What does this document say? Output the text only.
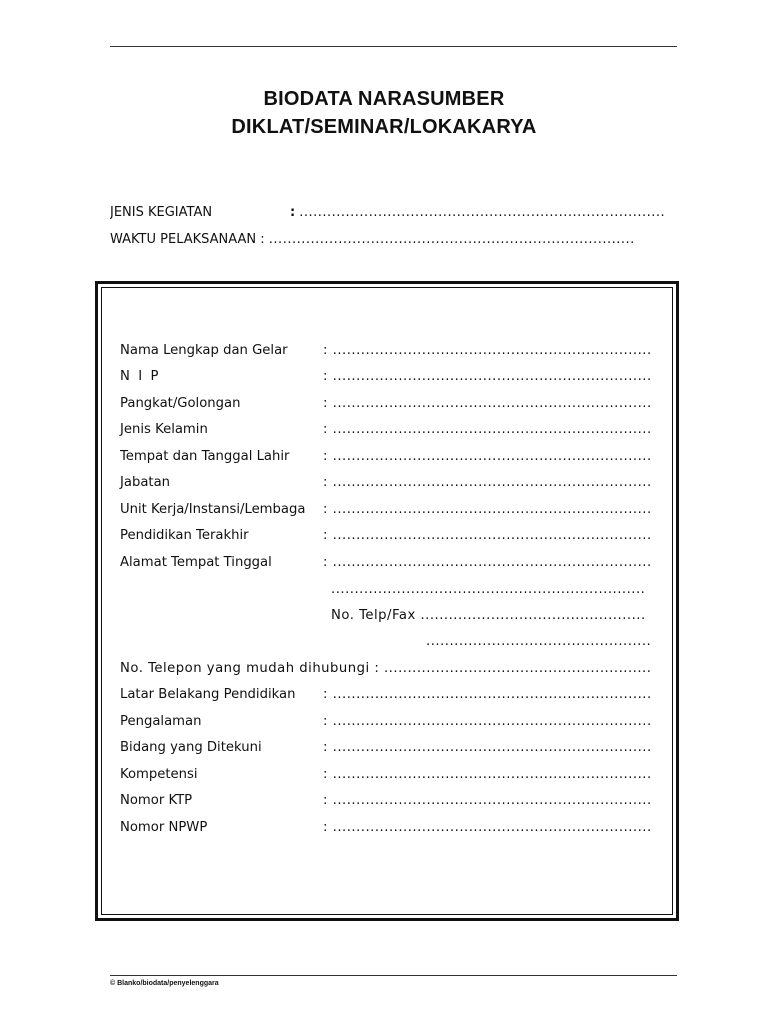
BIODATA NARASUMBER
DIKLAT/SEMINAR/LOKAKARYA
JENIS KEGIATAN	: ...............................................................................
WAKTU PELAKSANAAN : ...............................................................................
Nama Lengkap dan Gelar	: ....................................................................
N  I  P	: ....................................................................
Pangkat/Golongan	: ....................................................................
Jenis Kelamin	: ....................................................................
Tempat dan Tanggal Lahir	: ....................................................................
Jabatan	: ....................................................................
Unit Kerja/Instansi/Lembaga : ....................................................................
Pendidikan Terakhir	: ....................................................................
Alamat Tempat Tinggal	: ....................................................................
...................................................................
No. Telp/Fax ................................................
................................................
No. Telepon yang mudah dihubungi : .........................................................
Latar Belakang Pendidikan : ....................................................................
Pengalaman	: ....................................................................
Bidang yang Ditekuni	: ....................................................................
Kompetensi	: ....................................................................
Nomor KTP	: ....................................................................
Nomor NPWP	: ....................................................................
© Blanko/biodata/penyelenggara
